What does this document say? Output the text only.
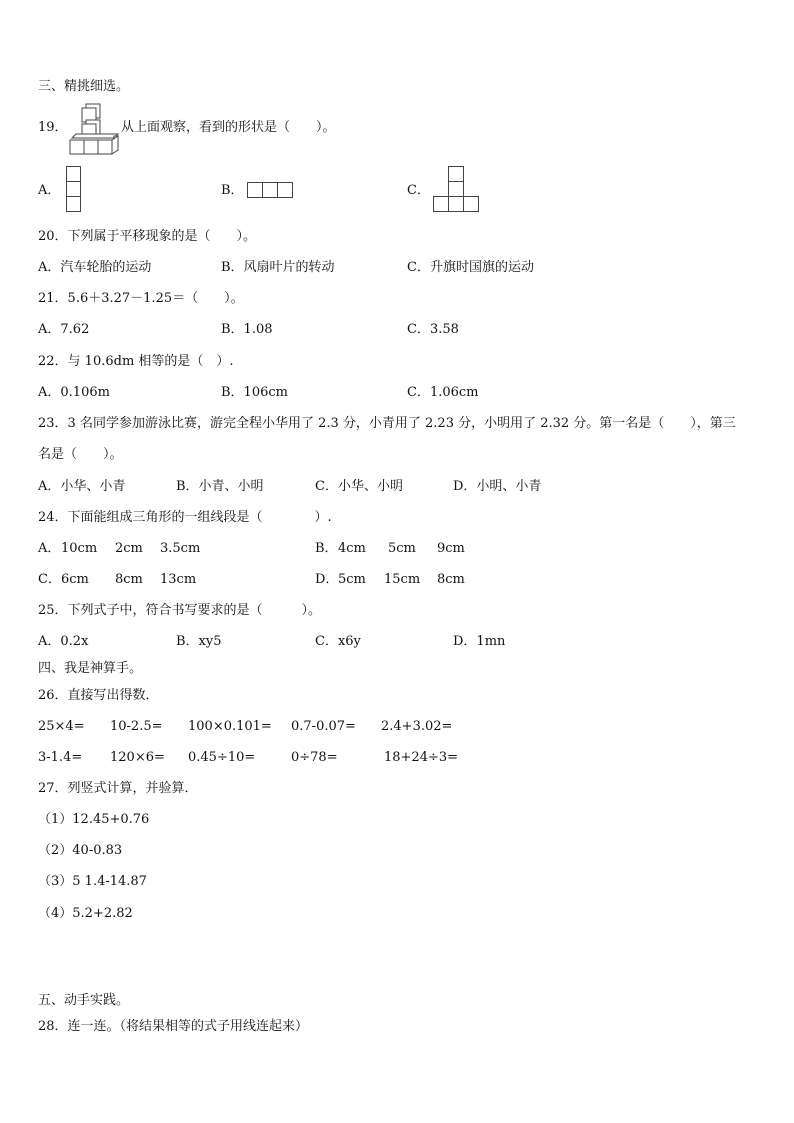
三、精挑细选。
19．	从上面观察，看到的形状是（　　）。
A．	B．	C．
20．下列属于平移现象的是（　　）。
A．汽车轮胎的运动	B．风扇叶片的转动	C．升旗时国旗的运动
21．5.6＋3.27－1.25＝（　　）。
A．7.62	B．1.08	C．3.58
22．与 10.6dm 相等的是（　）.
A．0.106m	B．106cm	C．1.06cm
23．3 名同学参加游泳比赛，游完全程小华用了 2.3 分，小青用了 2.23 分，小明用了 2.32 分。第一名是（　　），第三
名是（　　）。
A．小华、小青	B．小青、小明	C．小华、小明	D．小明、小青
24．下面能组成三角形的一组线段是（　　　　）.
A． 10cm 2cm 3.5cm	B． 4cm 5cm 9cm
C． 6cm 8cm 13cm	D． 5cm 15cm 8cm
25．下列式子中，符合书写要求的是（　　　）。
A．0.2x	B．xy5	C．x6y	D．1mn
四、我是神算手。
26．直接写出得数．
25×4= 10-2.5= 100×0.101= 0.7-0.07= 2.4+3.02=
3-1.4= 120×6= 0.45÷10=	0÷78=	18+24÷3=
27．列竖式计算，并验算．
（1）12.45+0.76
（2）40-0.83
（3）5 1.4-14.87
（4）5.2+2.82
五、动手实践。
28．连一连。（将结果相等的式子用线连起来）
